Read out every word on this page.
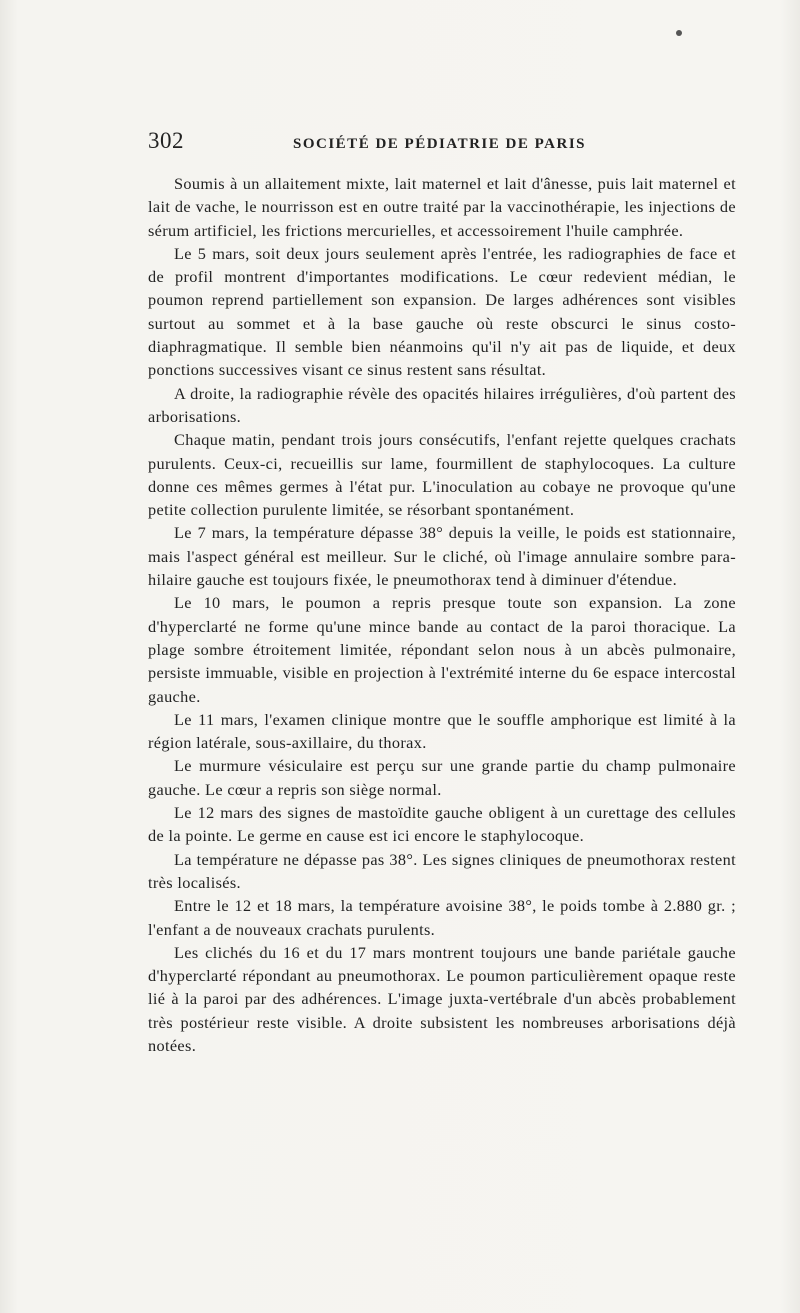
302	SOCIÉTÉ DE PÉDIATRIE DE PARIS

Soumis à un allaitement mixte, lait maternel et lait d'ânesse, puis lait maternel et lait de vache, le nourrisson est en outre traité par la vaccinothérapie, les injections de sérum artificiel, les frictions mercurielles, et accessoirement l'huile camphrée.

Le 5 mars, soit deux jours seulement après l'entrée, les radiographies de face et de profil montrent d'importantes modifications. Le cœur redevient médian, le poumon reprend partiellement son expansion. De larges adhérences sont visibles surtout au sommet et à la base gauche où reste obscurci le sinus costo-diaphragmatique. Il semble bien néanmoins qu'il n'y ait pas de liquide, et deux ponctions successives visant ce sinus restent sans résultat.

A droite, la radiographie révèle des opacités hilaires irrégulières, d'où partent des arborisations.

Chaque matin, pendant trois jours consécutifs, l'enfant rejette quelques crachats purulents. Ceux-ci, recueillis sur lame, fourmillent de staphylocoques. La culture donne ces mêmes germes à l'état pur. L'inoculation au cobaye ne provoque qu'une petite collection purulente limitée, se résorbant spontanément.

Le 7 mars, la température dépasse 38° depuis la veille, le poids est stationnaire, mais l'aspect général est meilleur. Sur le cliché, où l'image annulaire sombre para-hilaire gauche est toujours fixée, le pneumothorax tend à diminuer d'étendue.

Le 10 mars, le poumon a repris presque toute son expansion. La zone d'hyperclarté ne forme qu'une mince bande au contact de la paroi thoracique. La plage sombre étroitement limitée, répondant selon nous à un abcès pulmonaire, persiste immuable, visible en projection à l'extrémité interne du 6e espace intercostal gauche.

Le 11 mars, l'examen clinique montre que le souffle amphorique est limité à la région latérale, sous-axillaire, du thorax.

Le murmure vésiculaire est perçu sur une grande partie du champ pulmonaire gauche. Le cœur a repris son siège normal.

Le 12 mars des signes de mastoïdite gauche obligent à un curettage des cellules de la pointe. Le germe en cause est ici encore le staphylocoque.

La température ne dépasse pas 38°. Les signes cliniques de pneumothorax restent très localisés.

Entre le 12 et 18 mars, la température avoisine 38°, le poids tombe à 2.880 gr. ; l'enfant a de nouveaux crachats purulents.

Les clichés du 16 et du 17 mars montrent toujours une bande pariétale gauche d'hyperclarté répondant au pneumothorax. Le poumon particulièrement opaque reste lié à la paroi par des adhérences. L'image juxta-vertébrale d'un abcès probablement très postérieur reste visible. A droite subsistent les nombreuses arborisations déjà notées.
